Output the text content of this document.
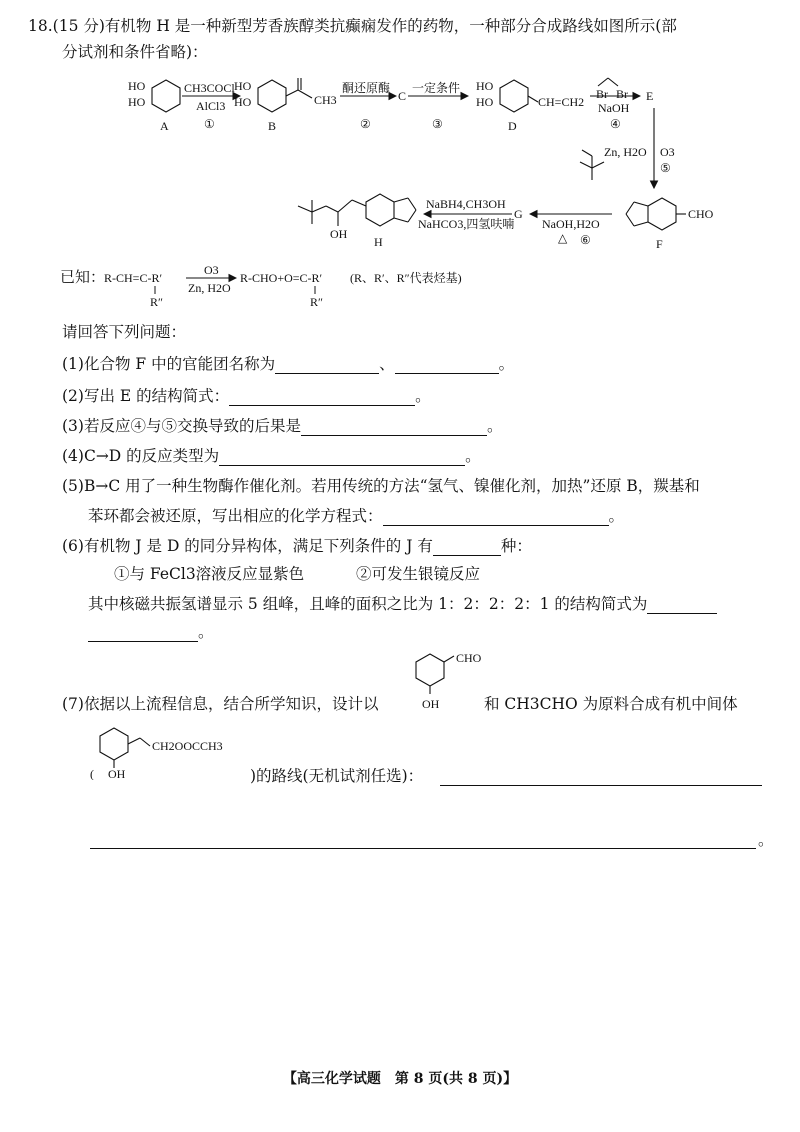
18.(15 分)有机物 H 是一种新型芳香族醇类抗癫痫发作的药物，一种部分合成路线如图所示(部
分试剂和条件省略)：
HO
HO
A
HO
HO	CH3
B
C
HO
HO	CH=CH2
D
E
CHO
F
G
OH
H
CH3COCl
AlCl3
酮还原酶 一定条件	Br Br
NaOH
Zn, H2O O3
NaOH,H2O
△
NaBH4,CH3OH
NaHCO3,四氢呋喃
①	②	③	④
⑤
⑥
已知：
R-CH=C-R′
R″
O3
Zn, H2O
R-CHO+O=C-R′
R″
(R、R′、R″代表烃基)
请回答下列问题：
(1)化合物 F 中的官能团名称为	、	。
(2)写出 E 的结构简式：	。
(3)若反应④与⑤交换导致的后果是	。
(4)C→D 的反应类型为	。
(5)B→C 用了一种生物酶作催化剂。若用传统的方法“氢气、镍催化剂，加热”还原 B，羰基和
苯环都会被还原，写出相应的化学方程式：	。
(6)有机物 J 是 D 的同分异构体，满足下列条件的 J 有	种：
①与 FeCl3溶液反应显紫色	②可发生银镜反应
其中核磁共振氢谱显示 5 组峰，且峰的面积之比为 1：2：2：2：1 的结构简式为
。
CHO
OH
(7)依据以上流程信息，结合所学知识，设计以	和 CH3CHO 为原料合成有机中间体
CH2OOCCH3
( OH	)的路线(无机试剂任选)：
。
【高三化学试题　第 8 页(共 8 页)】
